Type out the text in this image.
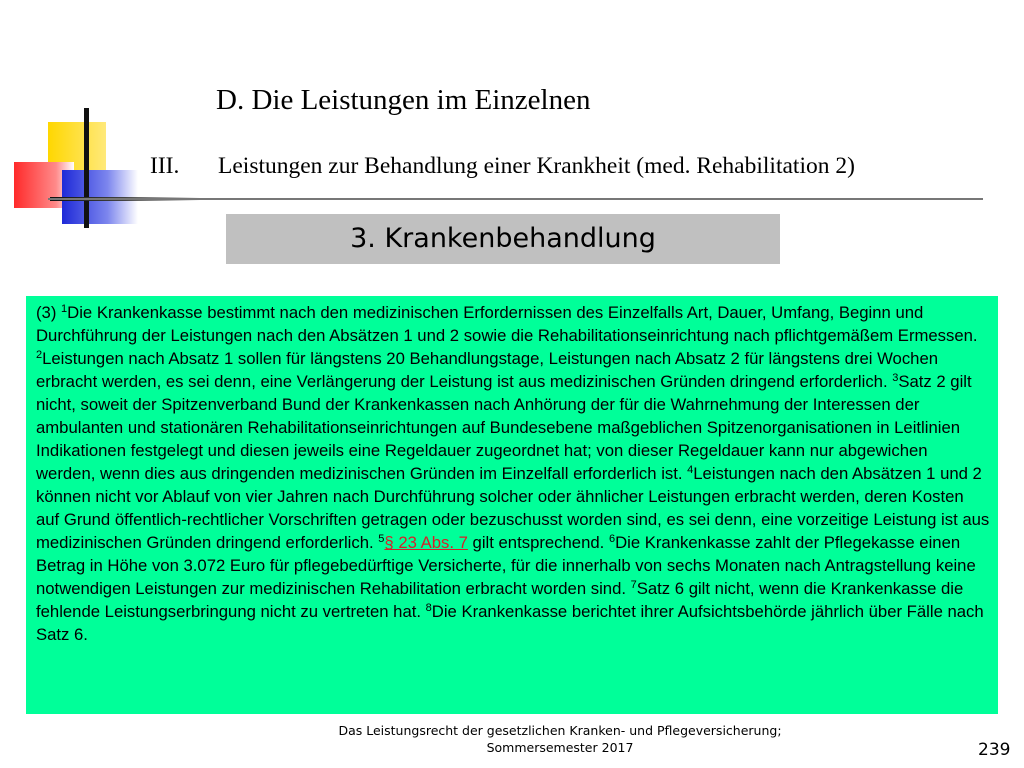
D. Die Leistungen im Einzelnen
III. Leistungen zur Behandlung einer Krankheit (med. Rehabilitation 2)
3. Krankenbehandlung

(3) $^1$Die Krankenkasse bestimmt nach den medizinischen Erfordernissen des Einzelfalls Art, Dauer, Umfang, Beginn und Durchführung der Leistungen nach den Absätzen 1 und 2 sowie die Rehabilitationseinrichtung nach pflichtgemäßem Ermessen. $^2$Leistungen nach Absatz 1 sollen für längstens 20 Behandlungstage, Leistungen nach Absatz 2 für längstens drei Wochen erbracht werden, es sei denn, eine Verlängerung der Leistung ist aus medizinischen Gründen dringend erforderlich. $^3$Satz 2 gilt nicht, soweit der Spitzenverband Bund der Krankenkassen nach Anhörung der für die Wahrnehmung der Interessen der ambulanten und stationären Rehabilitationseinrichtungen auf Bundesebene maßgeblichen Spitzenorganisationen in Leitlinien Indikationen festgelegt und diesen jeweils eine Regeldauer zugeordnet hat; von dieser Regeldauer kann nur abgewichen werden, wenn dies aus dringenden medizinischen Gründen im Einzelfall erforderlich ist. $^4$Leistungen nach den Absätzen 1 und 2 können nicht vor Ablauf von vier Jahren nach Durchführung solcher oder ähnlicher Leistungen erbracht werden, deren Kosten auf Grund öffentlich-rechtlicher Vorschriften getragen oder bezuschusst worden sind, es sei denn, eine vorzeitige Leistung ist aus medizinischen Gründen dringend erforderlich. $^5$§ 23 Abs. 7 gilt entsprechend. $^6$Die Krankenkasse zahlt der Pflegekasse einen Betrag in Höhe von 3.072 Euro für pflegebedürftige Versicherte, für die innerhalb von sechs Monaten nach Antragstellung keine notwendigen Leistungen zur medizinischen Rehabilitation erbracht worden sind. $^7$Satz 6 gilt nicht, wenn die Krankenkasse die fehlende Leistungserbringung nicht zu vertreten hat. $^8$Die Krankenkasse berichtet ihrer Aufsichtsbehörde jährlich über Fälle nach Satz 6.

Das Leistungsrecht der gesetzlichen Kranken- und Pflegeversicherung;
Sommersemester 2017	239
